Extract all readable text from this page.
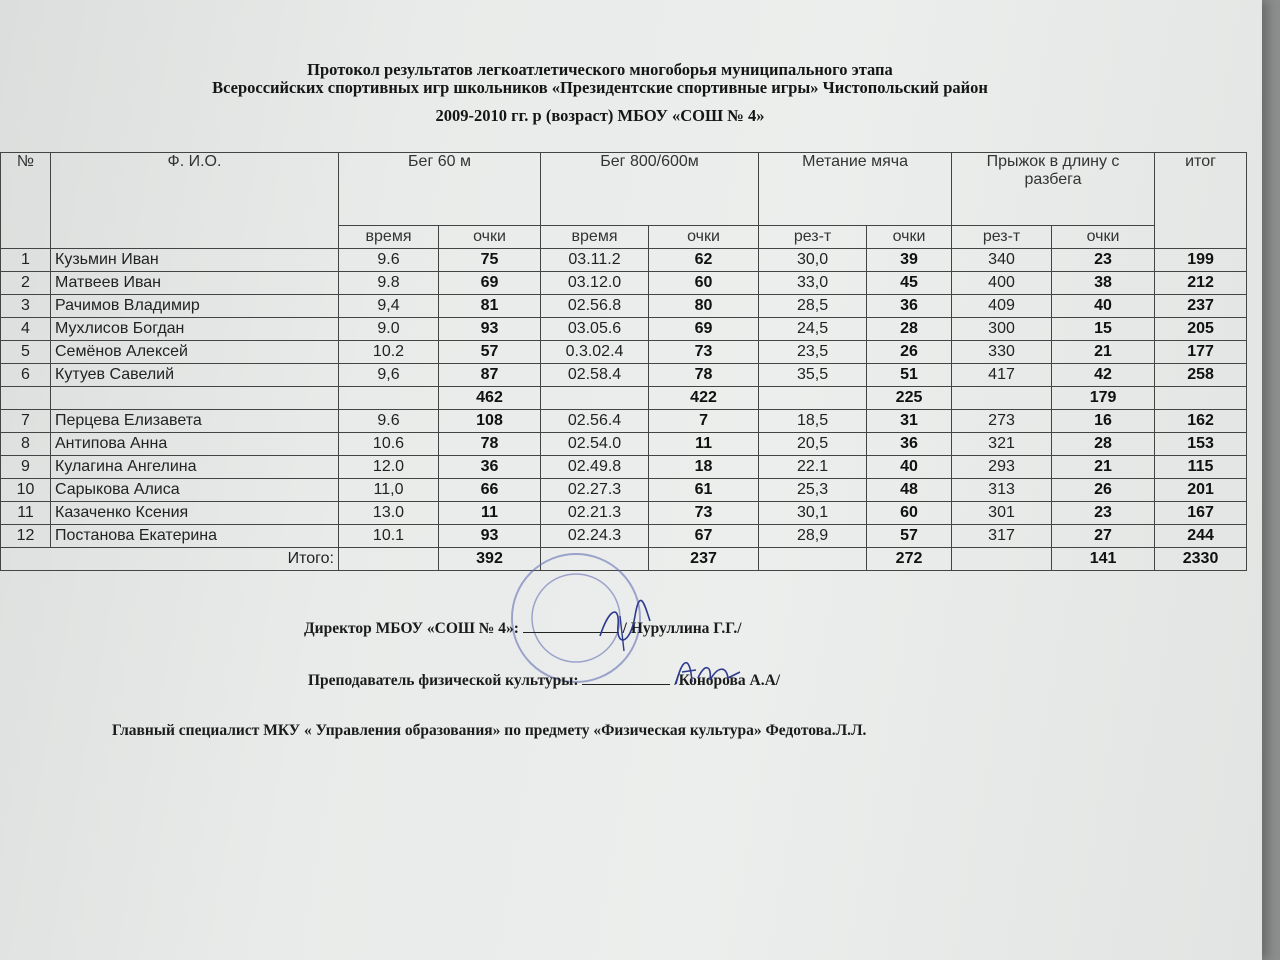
Протокол результатов легкоатлетического многоборья муниципального этапа
Всероссийских спортивных игр школьников «Президентские спортивные игры» Чистопольский район
2009-2010 гг. р (возраст) МБОУ «СОШ № 4»
№	Ф. И.О.	Бег 60 м		Бег 800/600м		Метание мяча		Прыжок в длину с разбега		итог
		время	очки	время	очки	рез-т	очки	рез-т	очки	
1	Кузьмин Иван	9.6	75	03.11.2	62	30,0	39	340	23	199
2	Матвеев Иван	9.8	69	03.12.0	60	33,0	45	400	38	212
3	Рачимов Владимир	9,4	81	02.56.8	80	28,5	36	409	40	237
4	Мухлисов Богдан	9.0	93	03.05.6	69	24,5	28	300	15	205
5	Семёнов Алексей	10.2	57	0.3.02.4	73	23,5	26	330	21	177
6	Кутуев Савелий	9,6	87	02.58.4	78	35,5	51	417	42	258
			462		422		225		179	
7	Перцева Елизавета	9.6	108	02.56.4	7	18,5	31	273	16	162
8	Антипова Анна	10.6	78	02.54.0	11	20,5	36	321	28	153
9	Кулагина Ангелина	12.0	36	02.49.8	18	22.1	40	293	21	115
10	Сарыкова Алиса	11,0	66	02.27.3	61	25,3	48	313	26	201
11	Казаченко Ксения	13.0	11	02.21.3	73	30,1	60	301	23	167
12	Постанова Екатерина	10.1	93	02.24.3	67	28,9	57	317	27	244
Итого:			392		237		272		141	2330
Директор МБОУ «СОШ № 4»:	/ Нуруллина Г.Г./
Преподаватель физической культуры:	/Конорова А.А/
Главный специалист МКУ « Управления образования» по предмету «Физическая культура» Федотова.Л.Л.
